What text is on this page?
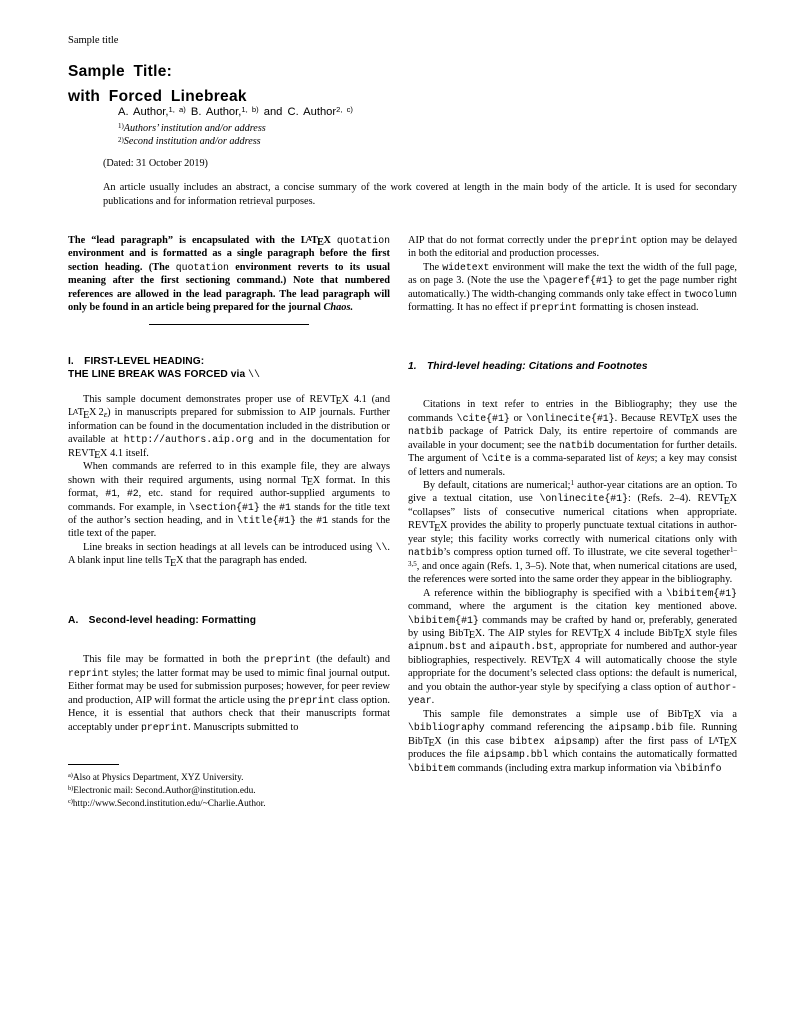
Sample title
Sample Title:
with Forced Linebreak
A. Author,$^{1, a)}$ B. Author,$^{1, b)}$ and C. Author$^{2, c)}$
$^{1)}$Authors’ institution and/or address
$^{2)}$Second institution and/or address
(Dated: 31 October 2019)
An article usually includes an abstract, a concise summary of the work covered at length in the main body of the article. It is used for secondary publications and for information retrieval purposes.

The “lead paragraph” is encapsulated with the LATEX quotation environment and is formatted as a single paragraph before the first section heading. (The quotation environment reverts to its usual meaning after the first sectioning command.) Note that numbered references are allowed in the lead paragraph. The lead paragraph will only be found in an article being prepared for the journal Chaos.

I. FIRST-LEVEL HEADING:
THE LINE BREAK WAS FORCED via \\

This sample document demonstrates proper use of REVTEX 4.1 (and LATEX 2ε) in manuscripts prepared for submission to AIP journals. Further information can be found in the documentation included in the distribution or available at http://authors.aip.org and in the documentation for REVTEX 4.1 itself.

When commands are referred to in this example file, they are always shown with their required arguments, using normal TEX format. In this format, #1, #2, etc. stand for required author-supplied arguments to commands. For example, in \section{#1} the #1 stands for the title text of the author’s section heading, and in \title{#1} the #1 stands for the title text of the paper.

Line breaks in section headings at all levels can be introduced using \\. A blank input line tells TEX that the paragraph has ended.

A. Second-level heading: Formatting

This file may be formatted in both the preprint (the default) and reprint styles; the latter format may be used to mimic final journal output. Either format may be used for submission purposes; however, for peer review and production, AIP will format the article using the preprint class option. Hence, it is essential that authors check that their manuscripts format acceptably under preprint. Manuscripts submitted to

$^{a)}$Also at Physics Department, XYZ University.

$^{b)}$Electronic mail: Second.Author@institution.edu.

$^{c)}$http://www.Second.institution.edu/~Charlie.Author.

AIP that do not format correctly under the preprint option may be delayed in both the editorial and production processes.

The widetext environment will make the text the width of the full page, as on page 3. (Note the use the \pageref{#1} to get the page number right automatically.) The width-changing commands only take effect in twocolumn formatting. It has no effect if preprint formatting is chosen instead.

1. Third-level heading: Citations and Footnotes

Citations in text refer to entries in the Bibliography; they use the commands \cite{#1} or \onlinecite{#1}. Because REVTEX uses the natbib package of Patrick Daly, its entire repertoire of commands are available in your document; see the natbib documentation for further details. The argument of \cite is a comma-separated list of keys; a key may consist of letters and numerals.

By default, citations are numerical;$^1$ author-year citations are an option. To give a textual citation, use \onlinecite{#1}: (Refs. 2–4). REVTEX “collapses” lists of consecutive numerical citations when appropriate. REVTEX provides the ability to properly punctuate textual citations in author-year style; this facility works correctly with numerical citations only with natbib’s compress option turned off. To illustrate, we cite several together$^{1-3,5}$, and once again (Refs. 1, 3–5). Note that, when numerical citations are used, the references were sorted into the same order they appear in the bibliography.

A reference within the bibliography is specified with a \bibitem{#1} command, where the argument is the citation key mentioned above. \bibitem{#1} commands may be crafted by hand or, preferably, generated by using BibTEX. The AIP styles for REVTEX 4 include BibTEX style files aipnum.bst and aipauth.bst, appropriate for numbered and author-year bibliographies, respectively. REVTEX 4 will automatically choose the style appropriate for the document’s selected class options: the default is numerical, and you obtain the author-year style by specifying a class option of author-year.

This sample file demonstrates a simple use of BibTEX via a \bibliography command referencing the aipsamp.bib file. Running BibTEX (in this case bibtex aipsamp) after the first pass of LATEX produces the file aipsamp.bbl which contains the automatically formatted \bibitem commands (including extra markup information via \bibinfo
